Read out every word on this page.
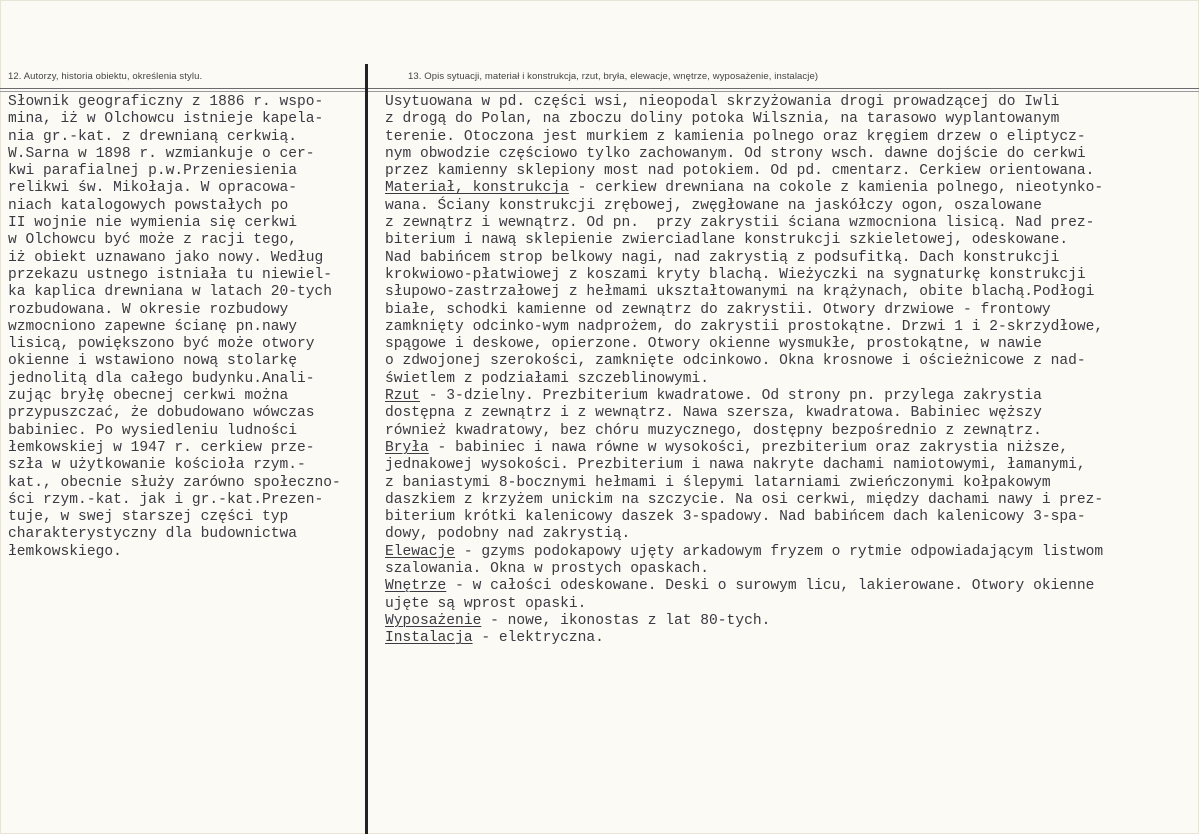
12. Autorzy, historia obiektu, określenia stylu.	13. Opis sytuacji, materiał i konstrukcja, rzut, bryła, elewacje, wnętrze, wyposażenie, instalacje)
Słownik geograficzny z 1886 r. wspo-
mina, iż w Olchowcu istnieje kapela-
nia gr.-kat. z drewnianą cerkwią.
W.Sarna w 1898 r. wzmiankuje o cer-
kwi parafialnej p.w.Przeniesienia
relikwi św. Mikołaja. W opracowa-
niach katalogowych powstałych po
II wojnie nie wymienia się cerkwi
w Olchowcu być może z racji tego,
iż obiekt uznawano jako nowy. Według
przekazu ustnego istniała tu niewiel-
ka kaplica drewniana w latach 20-tych
rozbudowana. W okresie rozbudowy
wzmocniono zapewne ścianę pn.nawy
lisicą, powiększono być może otwory
okienne i wstawiono nową stolarkę
jednolitą dla całego budynku.Anali-
zując bryłę obecnej cerkwi można
przypuszczać, że dobudowano wówczas
babiniec. Po wysiedleniu ludności
łemkowskiej w 1947 r. cerkiew prze-
szła w użytkowanie kościoła rzym.-
kat., obecnie służy zarówno społeczno-
ści rzym.-kat. jak i gr.-kat.Prezen-
tuje, w swej starszej części typ
charakterystyczny dla budownictwa
łemkowskiego.
Usytuowana w pd. części wsi, nieopodal skrzyżowania drogi prowadzącej do Iwli
z drogą do Polan, na zboczu doliny potoka Wilsznia, na tarasowo wyplantowanym
terenie. Otoczona jest murkiem z kamienia polnego oraz kręgiem drzew o eliptycz-
nym obwodzie częściowo tylko zachowanym. Od strony wsch. dawne dojście do cerkwi
przez kamienny sklepiony most nad potokiem. Od pd. cmentarz. Cerkiew orientowana.
Materiał, konstrukcja - cerkiew drewniana na cokole z kamienia polnego, nieotynko-
wana. Ściany konstrukcji zrębowej, zwęgłowane na jaskółczy ogon, oszalowane
z zewnątrz i wewnątrz. Od pn.  przy zakrystii ściana wzmocniona lisicą. Nad prez-
biterium i nawą sklepienie zwierciadlane konstrukcji szkieletowej, odeskowane.
Nad babińcem strop belkowy nagi, nad zakrystią z podsufitką. Dach konstrukcji
krokwiowo-płatwiowej z koszami kryty blachą. Wieżyczki na sygnaturkę konstrukcji
słupowo-zastrzałowej z hełmami ukształtowanymi na krążynach, obite blachą.Podłogi
białe, schodki kamienne od zewnątrz do zakrystii. Otwory drzwiowe - frontowy
zamknięty odcinko-wym nadprożem, do zakrystii prostokątne. Drzwi 1 i 2-skrzydłowe,
spągowe i deskowe, opierzone. Otwory okienne wysmukłe, prostokątne, w nawie
o zdwojonej szerokości, zamknięte odcinkowo. Okna krosnowe i ościeżnicowe z nad-
świetlem z podziałami szczeblinowymi.
Rzut - 3-dzielny. Prezbiterium kwadratowe. Od strony pn. przylega zakrystia
dostępna z zewnątrz i z wewnątrz. Nawa szersza, kwadratowa. Babiniec węższy
również kwadratowy, bez chóru muzycznego, dostępny bezpośrednio z zewnątrz.
Bryła - babiniec i nawa równe w wysokości, prezbiterium oraz zakrystia niższe,
jednakowej wysokości. Prezbiterium i nawa nakryte dachami namiotowymi, łamanymi,
z baniastymi 8-bocznymi hełmami i ślepymi latarniami zwieńczonymi kołpakowym
daszkiem z krzyżem unickim na szczycie. Na osi cerkwi, między dachami nawy i prez-
biterium krótki kalenicowy daszek 3-spadowy. Nad babińcem dach kalenicowy 3-spa-
dowy, podobny nad zakrystią.
Elewacje - gzyms podokapowy ujęty arkadowym fryzem o rytmie odpowiadającym listwom
szalowania. Okna w prostych opaskach.
Wnętrze - w całości odeskowane. Deski o surowym licu, lakierowane. Otwory okienne
ujęte są wprost opaski.
Wyposażenie - nowe, ikonostas z lat 80-tych.
Instalacja - elektryczna.
